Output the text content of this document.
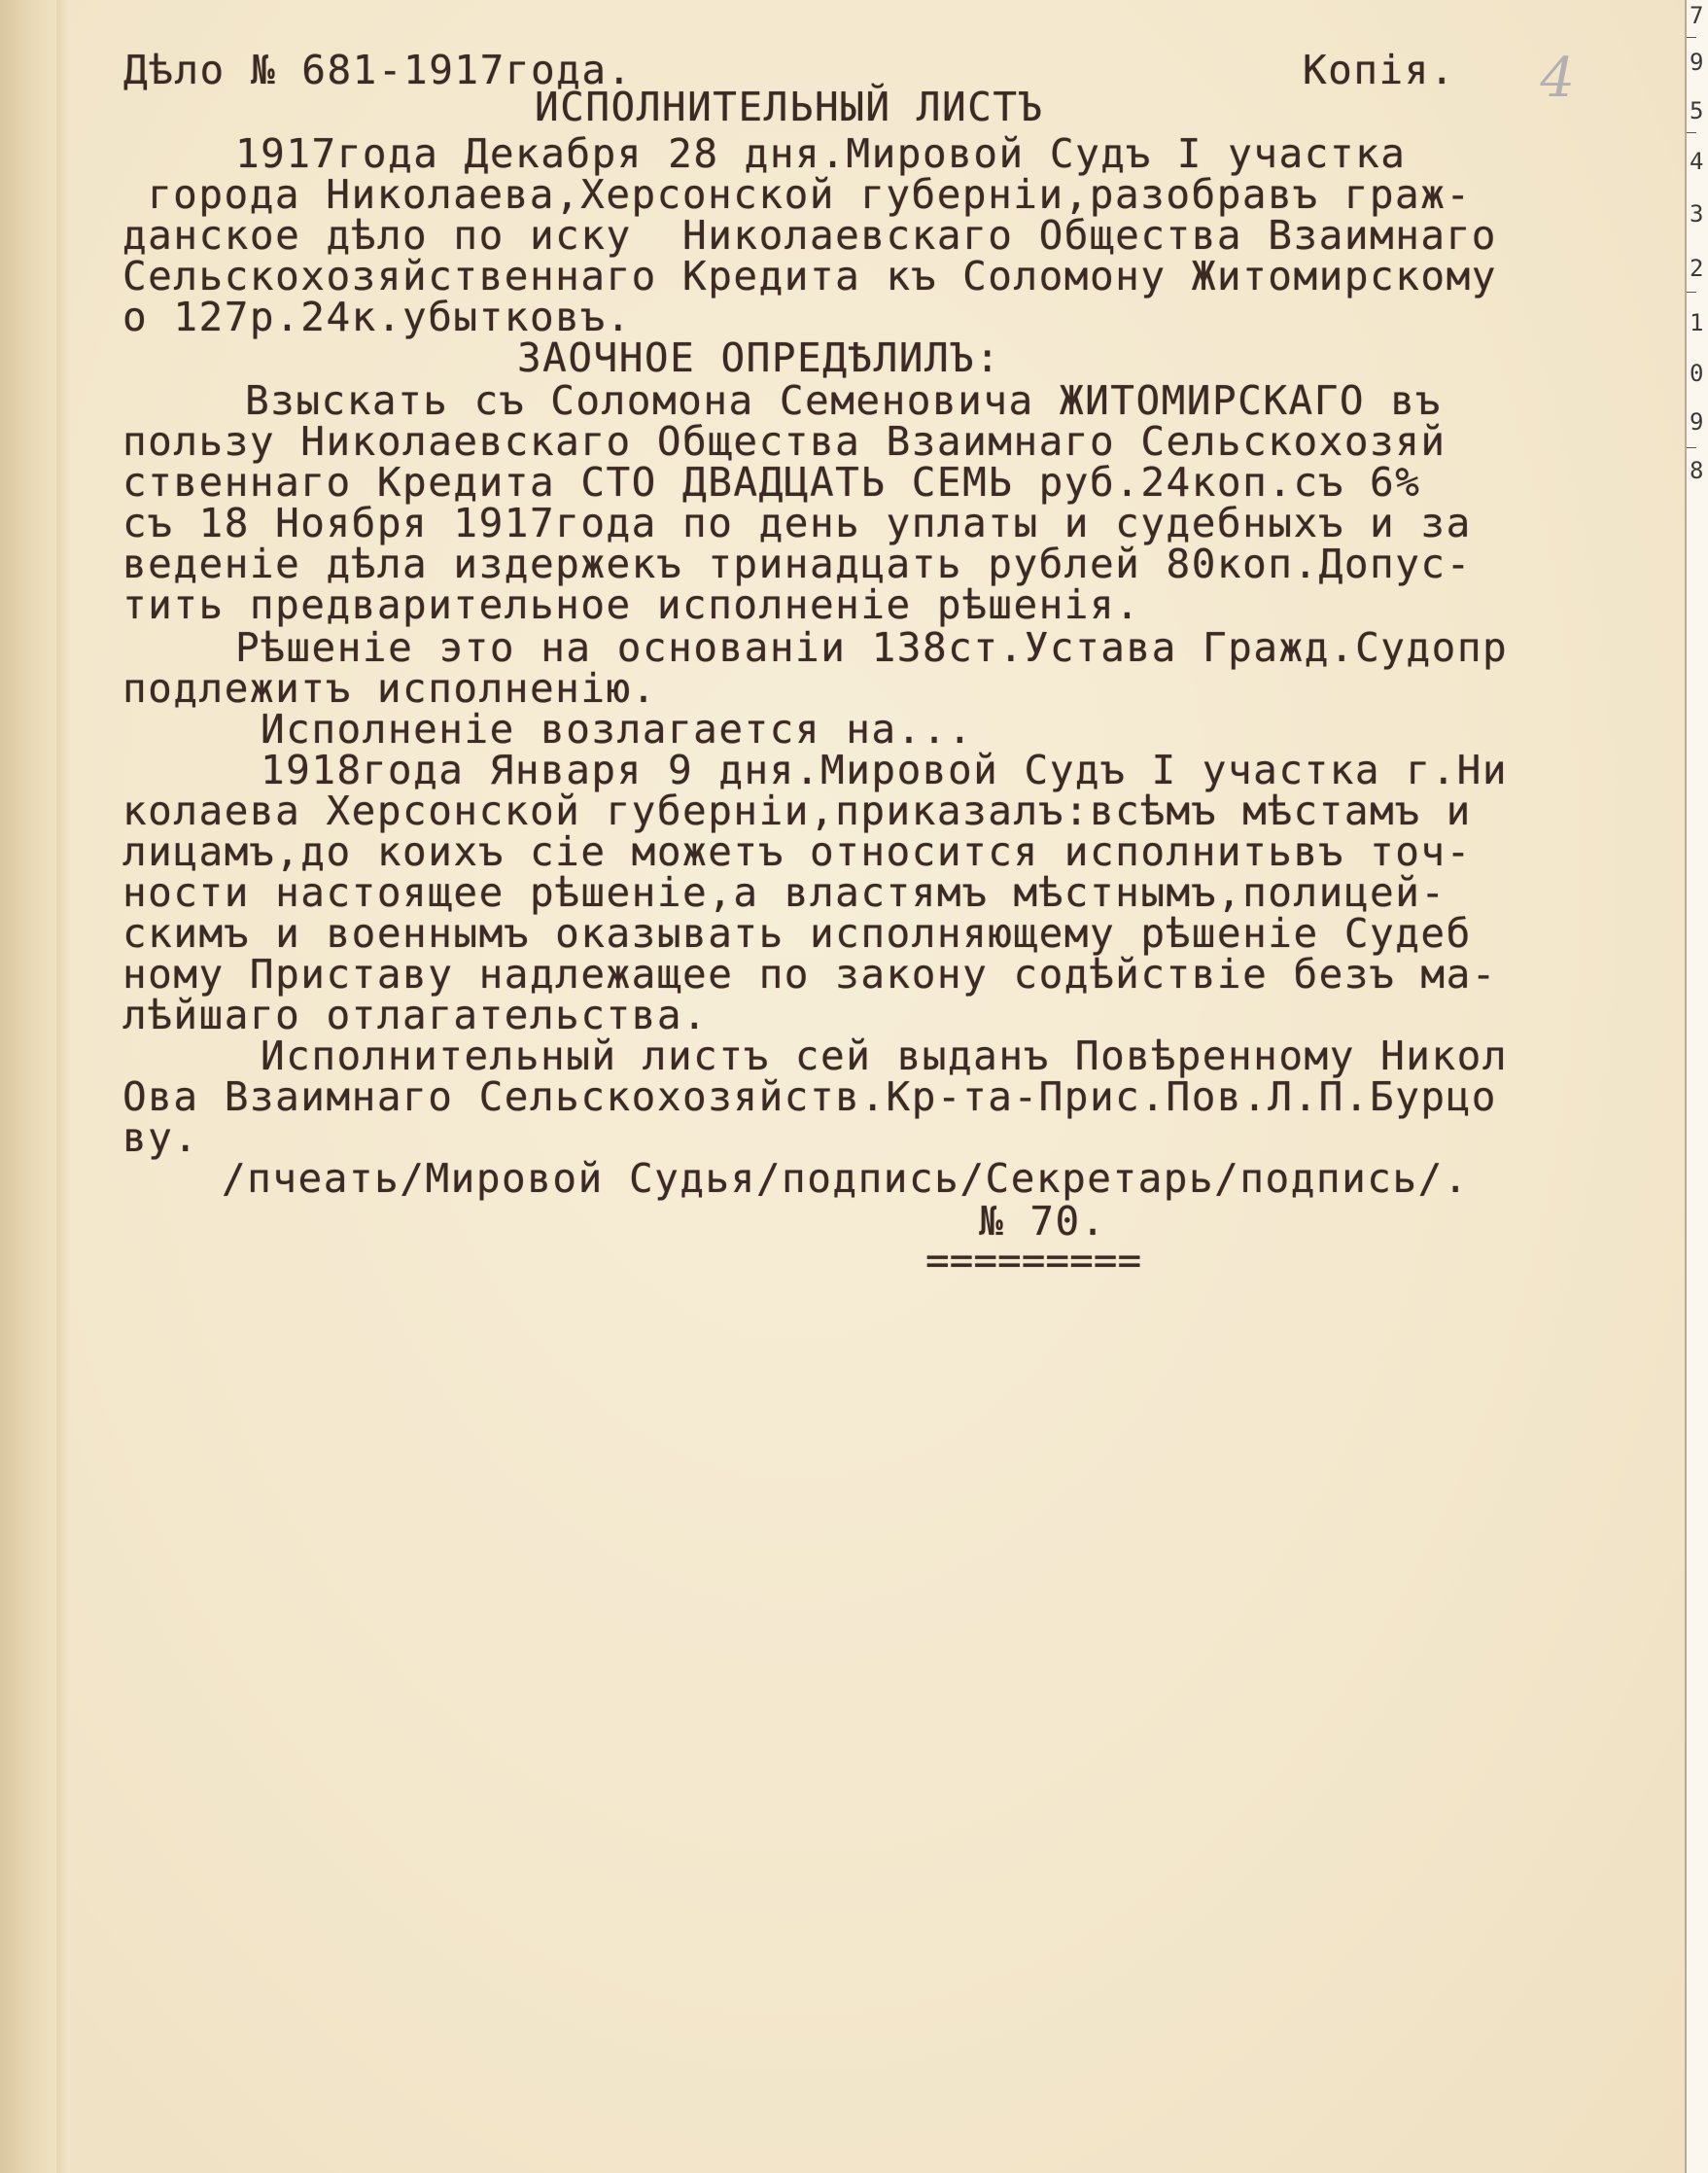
Дѣло № 681-1917года.	Копія. 4
ИСПОЛНИТЕЛЬНЫЙ ЛИСТЪ
1917года Декабря 28 дня.Мировой Судъ I участка
города Николаева,Херсонской губерніи,разобравъ граж-
данское дѣло по иску  Николаевскаго Общества Взаимнаго
Сельскохозяйственнаго Кредита къ Соломону Житомирскому
о 127р.24к.убытковъ.
ЗАОЧНОЕ ОПРЕДѢЛИЛЪ:
Взыскать съ Соломона Семеновича ЖИТОМИРСКАГО въ
пользу Николаевскаго Общества Взаимнаго Сельскохозяй
ственнаго Кредита СТО ДВАДЦАТЬ СЕМЬ руб.24коп.съ 6%
съ 18 Ноября 1917года по день уплаты и судебныхъ и за
веденіе дѣла издержекъ тринадцать рублей 80коп.Допус-
тить предварительное исполненіе рѣшенія.
Рѣшеніе это на основаніи 138ст.Устава Гражд.Судопр
подлежитъ исполненію.
Исполненіе возлагается на...
1918года Января 9 дня.Мировой Судъ I участка г.Ни
колаева Херсонской губерніи,приказалъ:всѣмъ мѣстамъ и
лицамъ,до коихъ сіе можетъ относится исполнитьвъ точ-
ности настоящее рѣшеніе,а властямъ мѣстнымъ,полицей-
скимъ и военнымъ оказывать исполняющему рѣшеніе Судеб
ному Приставу надлежащее по закону содѣйствіе безъ ма-
лѣйшаго отлагательства.
Исполнительный листъ сей выданъ Повѣренному Никол
Ова Взаимнаго Сельскохозяйств.Кр-та-Прис.Пов.Л.П.Бурцо
ву.
/пчеать/Мировой Судья/подпись/Секретарь/подпись/.
№ 70.
=========
7
9
5
4
3
2
1
0
9
8
